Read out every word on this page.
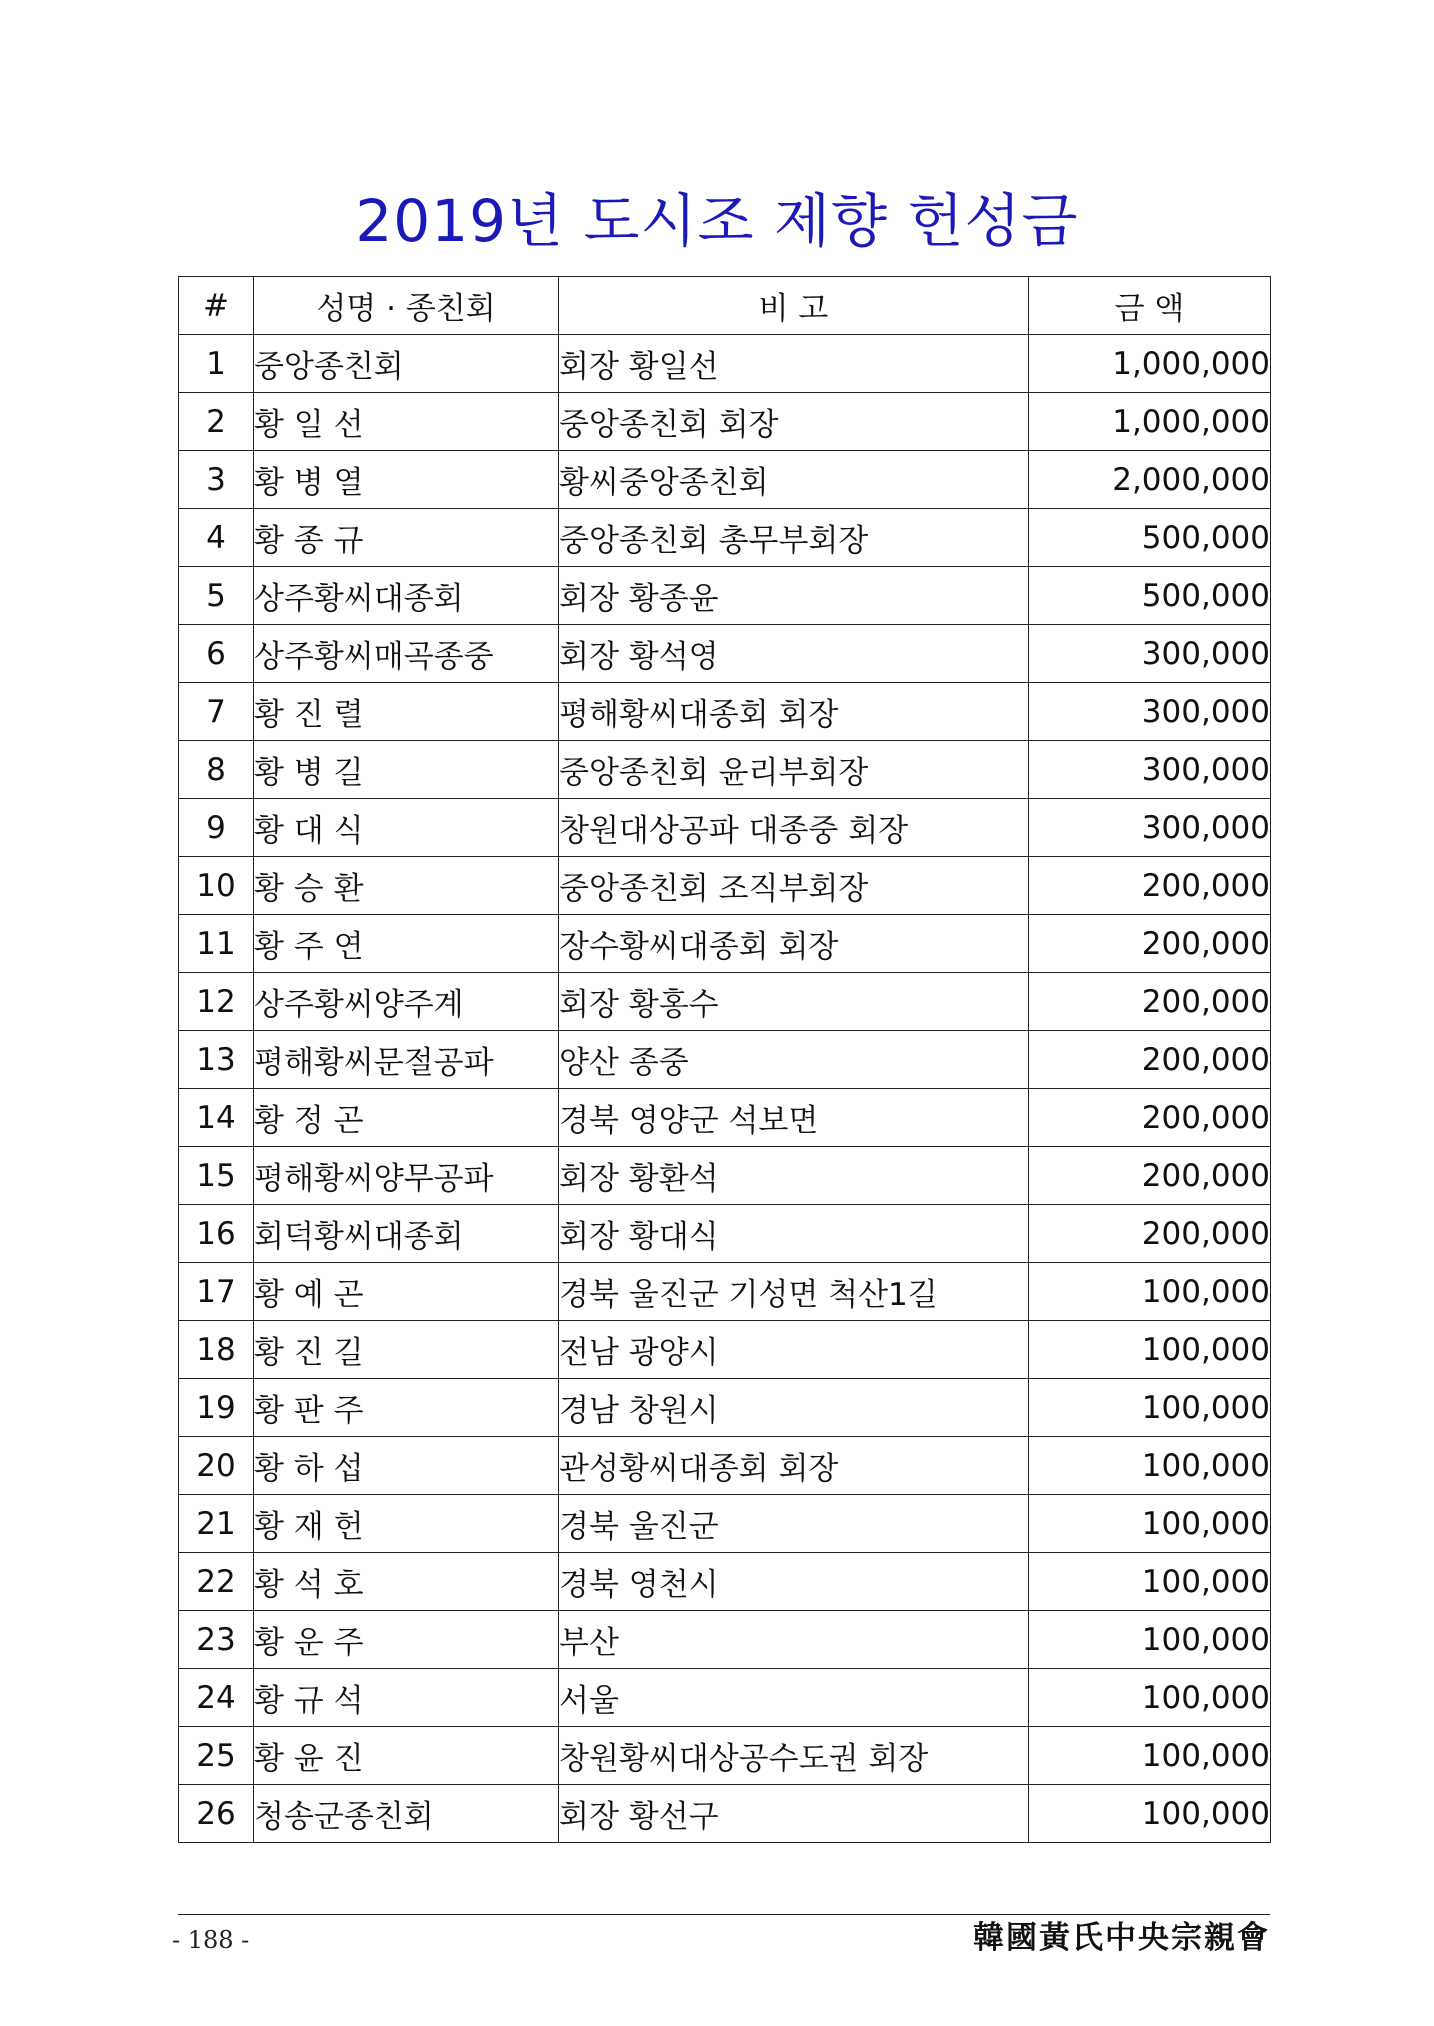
2019년 도시조 제향 헌성금
#	성명 · 종친회	비 고	금 액
1	중앙종친회	회장 황일선	1,000,000
2	황 일 선	중앙종친회 회장	1,000,000
3	황 병 열	황씨중앙종친회	2,000,000
4	황 종 규	중앙종친회 총무부회장	500,000
5	상주황씨대종회	회장 황종윤	500,000
6	상주황씨매곡종중	회장 황석영	300,000
7	황 진 렬	평해황씨대종회 회장	300,000
8	황 병 길	중앙종친회 윤리부회장	300,000
9	황 대 식	창원대상공파 대종중 회장	300,000
10	황 승 환	중앙종친회 조직부회장	200,000
11	황 주 연	장수황씨대종회 회장	200,000
12	상주황씨양주계	회장 황홍수	200,000
13	평해황씨문절공파	양산 종중	200,000
14	황 정 곤	경북 영양군 석보면	200,000
15	평해황씨양무공파	회장 황환석	200,000
16	회덕황씨대종회	회장 황대식	200,000
17	황 예 곤	경북 울진군 기성면 척산1길	100,000
18	황 진 길	전남 광양시	100,000
19	황 판 주	경남 창원시	100,000
20	황 하 섭	관성황씨대종회 회장	100,000
21	황 재 헌	경북 울진군	100,000
22	황 석 호	경북 영천시	100,000
23	황 운 주	부산	100,000
24	황 규 석	서울	100,000
25	황 윤 진	창원황씨대상공수도권 회장	100,000
26	청송군종친회	회장 황선구	100,000
- 188 -	韓國黃氏中央宗親會
